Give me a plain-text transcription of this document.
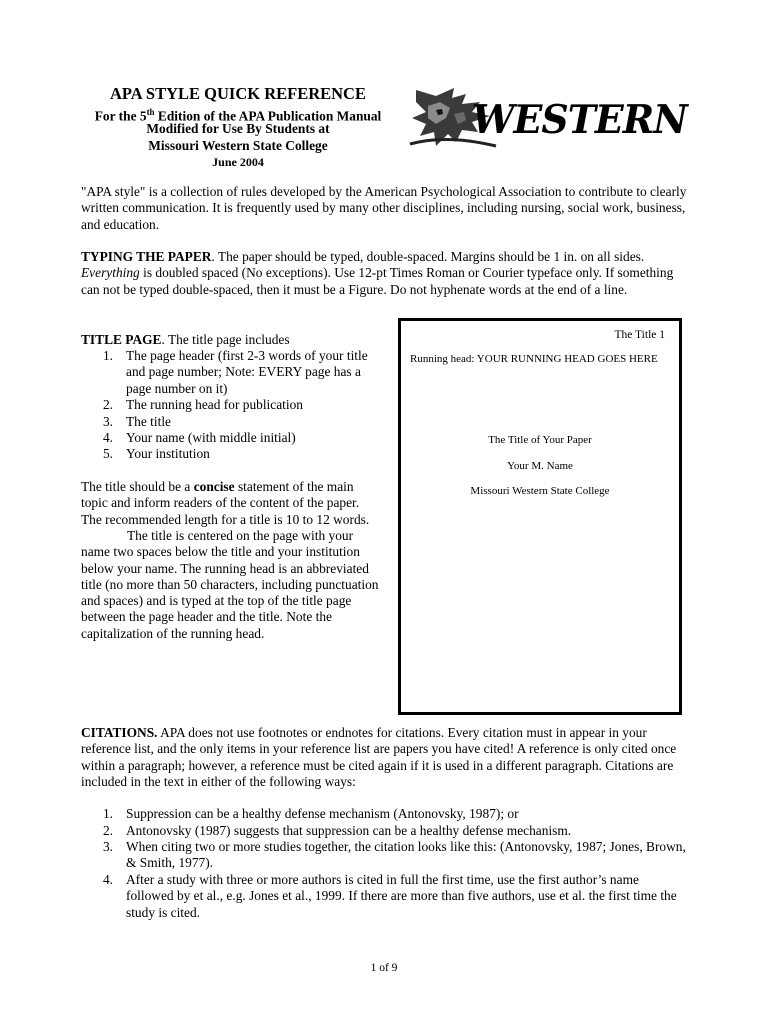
APA STYLE QUICK REFERENCE
For the 5th Edition of the APA Publication Manual
Modified for Use By Students at
Missouri Western State College
June 2004
WESTERN
"APA style" is a collection of rules developed by the American Psychological Association to contribute to clearly written communication. It is frequently used by many other disciplines, including nursing, social work, business, and education.
TYPING THE PAPER. The paper should be typed, double-spaced. Margins should be 1 in. on all sides. Everything is doubled spaced (No exceptions). Use 12-pt Times Roman or Courier typeface only. If something can not be typed double-spaced, then it must be a Figure. Do not hyphenate words at the end of a line.
TITLE PAGE. The title page includes
1. The page header (first 2-3 words of your title and page number; Note: EVERY page has a page number on it)
2. The running head for publication
3. The title
4. Your name (with middle initial)
5. Your institution
The title should be a concise statement of the main topic and inform readers of the content of the paper. The recommended length for a title is 10 to 12 words.
The title is centered on the page with your name two spaces below the title and your institution below your name. The running head is an abbreviated title (no more than 50 characters, including punctuation and spaces) and is typed at the top of the title page between the page header and the title. Note the capitalization of the running head.
The Title 1
Running head: YOUR RUNNING HEAD GOES HERE
The Title of Your Paper
Your M. Name
Missouri Western State College
CITATIONS. APA does not use footnotes or endnotes for citations. Every citation must in appear in your reference list, and the only items in your reference list are papers you have cited! A reference is only cited once within a paragraph; however, a reference must be cited again if it is used in a different paragraph. Citations are included in the text in either of the following ways:
1. Suppression can be a healthy defense mechanism (Antonovsky, 1987); or
2. Antonovsky (1987) suggests that suppression can be a healthy defense mechanism.
3. When citing two or more studies together, the citation looks like this: (Antonovsky, 1987; Jones, Brown, & Smith, 1977).
4. After a study with three or more authors is cited in full the first time, use the first author’s name followed by et al., e.g. Jones et al., 1999. If there are more than five authors, use et al. the first time the study is cited.
1 of 9
